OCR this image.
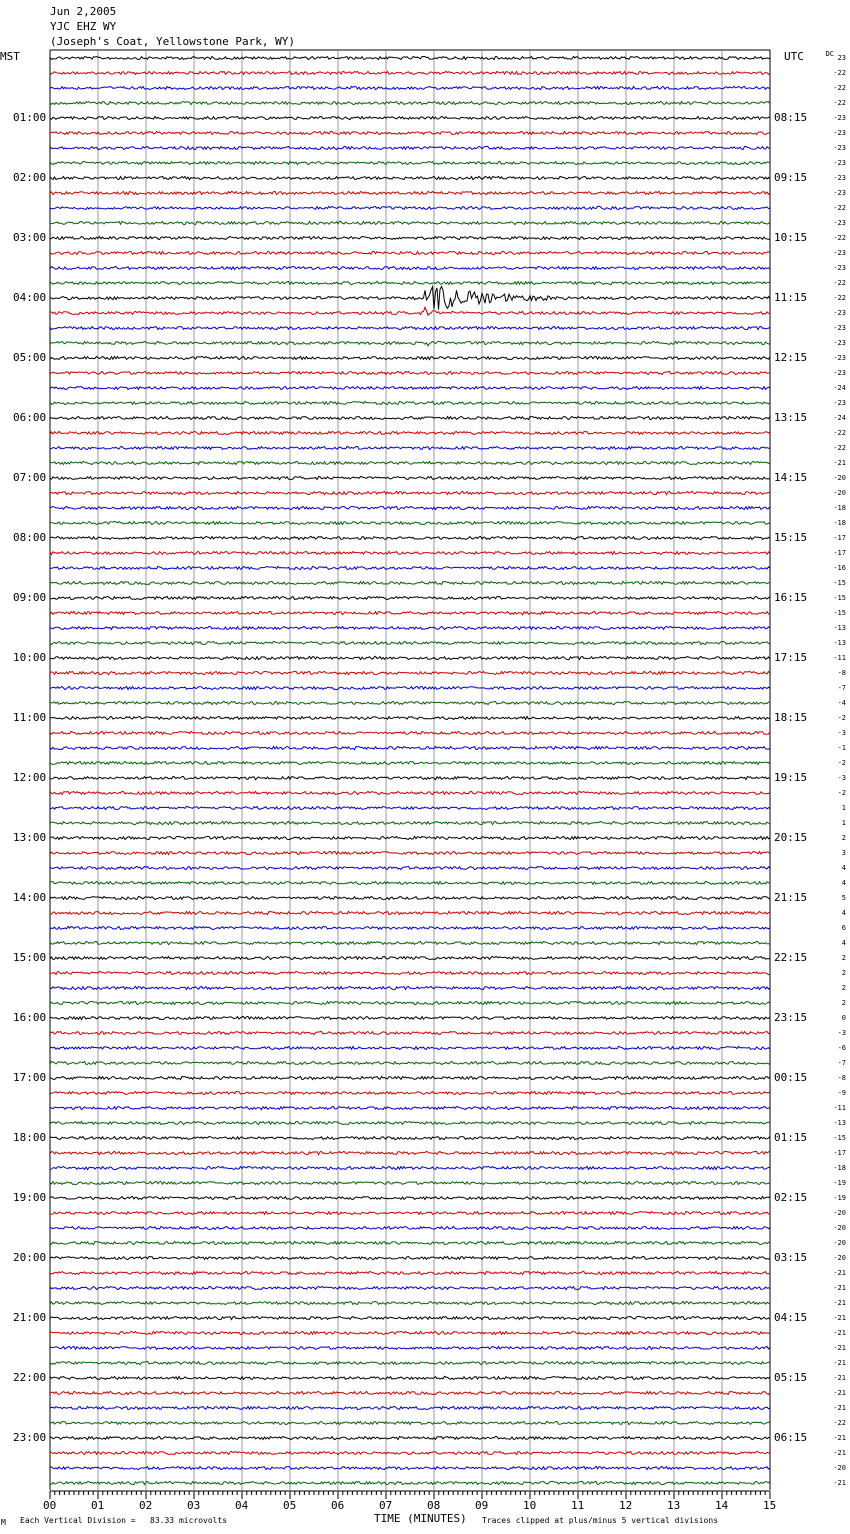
Jun 2,2005
YJC EHZ WY
(Joseph's Coat, Yellowstone Park, WY)
MST	UTC	DC
01:00
02:00
03:00
04:00
05:00
06:00
07:00
08:00
09:00
10:00
11:00
12:00
13:00
14:00
15:00
16:00
17:00
18:00
19:00
20:00
21:00
22:00
23:00
08:15
09:15
10:15
11:15
12:15
13:15
14:15
15:15
16:15
17:15
18:15
19:15
20:15
21:15
22:15
23:15
00:15
01:15
02:15
03:15
04:15
05:15
06:15
23
-22
-22
-22
-23
-23
-23
-23
-23
-23
-22
-23
-22
-23
-23
-22
-22
-23
-23
-23
-23
-23
-24
-23
-24
-22
-22
-21
-20
-20
-18
-18
-17
-17
-16
-15
-15
-15
-13
-13
-11
-8
-7
-4
-2
-3
-1
-2
-3
-2
1
1
2
3
4
4
5
4
6
4
2
2
2
2
0
-3
-6
-7
-8
-9
-11
-13
-15
-17
-18
-19
-19
-20
-20
-20
-20
-21
-21
-21
-21
-21
-21
-21
-21
-21
-21
-22
-21
-21
-20
-21
00	01	02	03	04	05	06	07	08	09	10	11	12	13	14	15
M Each Vertical Division =   83.33 microvolts	TIME (MINUTES) Traces clipped at plus/minus 5 vertical divisions
